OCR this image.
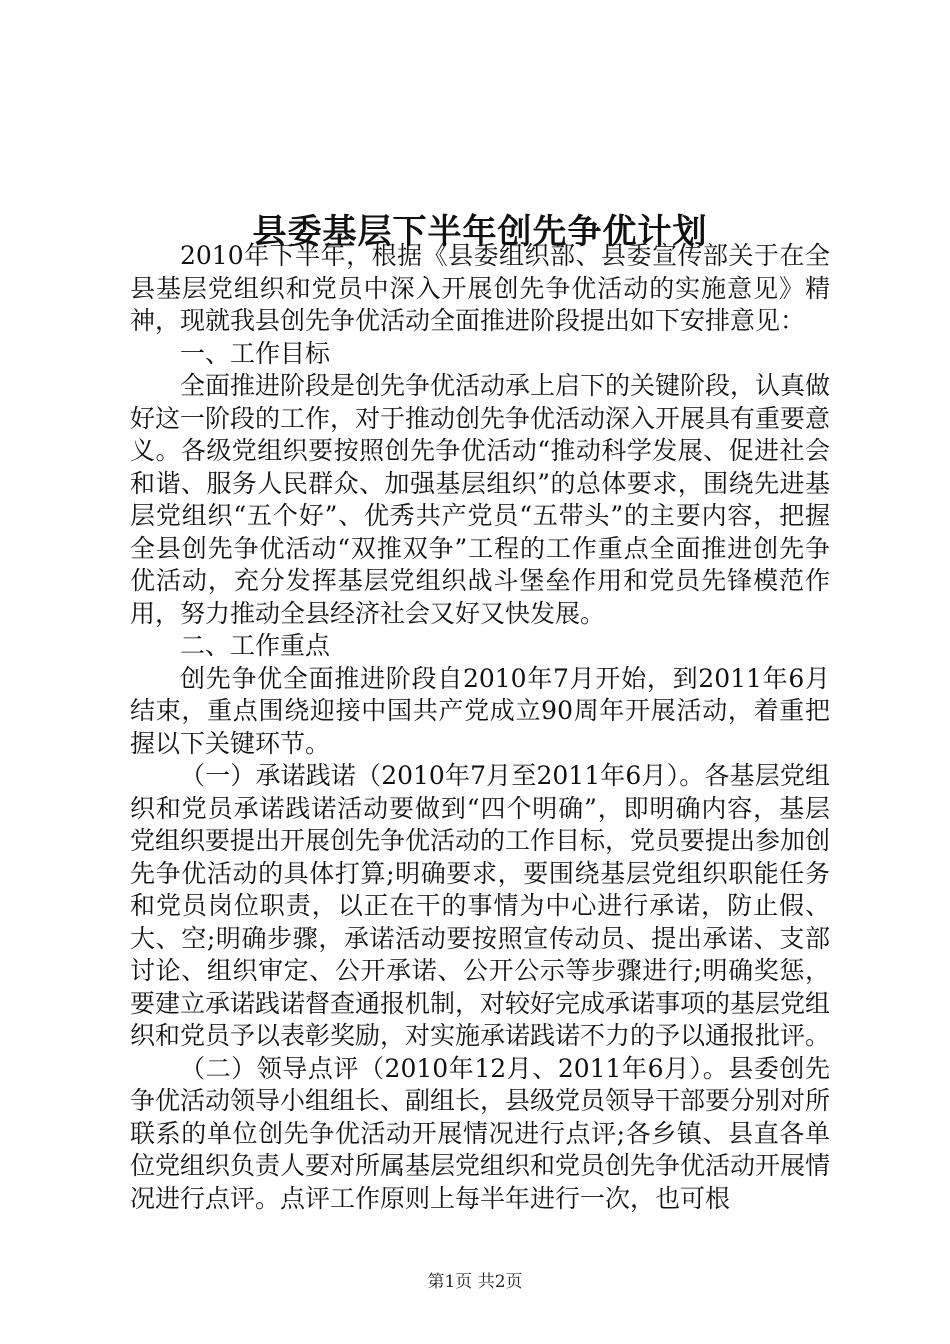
县委基层下半年创先争优计划

2010年下半年，根据《县委组织部、县委宣传部关于在全县基层党组织和党员中深入开展创先争优活动的实施意见》精神，现就我县创先争优活动全面推进阶段提出如下安排意见：

一、工作目标

全面推进阶段是创先争优活动承上启下的关键阶段，认真做好这一阶段的工作，对于推动创先争优活动深入开展具有重要意义。各级党组织要按照创先争优活动“推动科学发展、促进社会和谐、服务人民群众、加强基层组织”的总体要求，围绕先进基层党组织“五个好”、优秀共产党员“五带头”的主要内容，把握全县创先争优活动“双推双争”工程的工作重点全面推进创先争优活动，充分发挥基层党组织战斗堡垒作用和党员先锋模范作用，努力推动全县经济社会又好又快发展。

二、工作重点

创先争优全面推进阶段自2010年7月开始，到2011年6月结束，重点围绕迎接中国共产党成立90周年开展活动，着重把握以下关键环节。

（一）承诺践诺（2010年7月至2011年6月）。各基层党组织和党员承诺践诺活动要做到“四个明确”，即明确内容，基层党组织要提出开展创先争优活动的工作目标，党员要提出参加创先争优活动的具体打算;明确要求，要围绕基层党组织职能任务和党员岗位职责，以正在干的事情为中心进行承诺，防止假、大、空;明确步骤，承诺活动要按照宣传动员、提出承诺、支部讨论、组织审定、公开承诺、公开公示等步骤进行;明确奖惩，要建立承诺践诺督查通报机制，对较好完成承诺事项的基层党组织和党员予以表彰奖励，对实施承诺践诺不力的予以通报批评。

（二）领导点评（2010年12月、2011年6月）。县委创先争优活动领导小组组长、副组长，县级党员领导干部要分别对所联系的单位创先争优活动开展情况进行点评;各乡镇、县直各单位党组织负责人要对所属基层党组织和党员创先争优活动开展情况进行点评。点评工作原则上每半年进行一次，也可根

第1页 共2页
